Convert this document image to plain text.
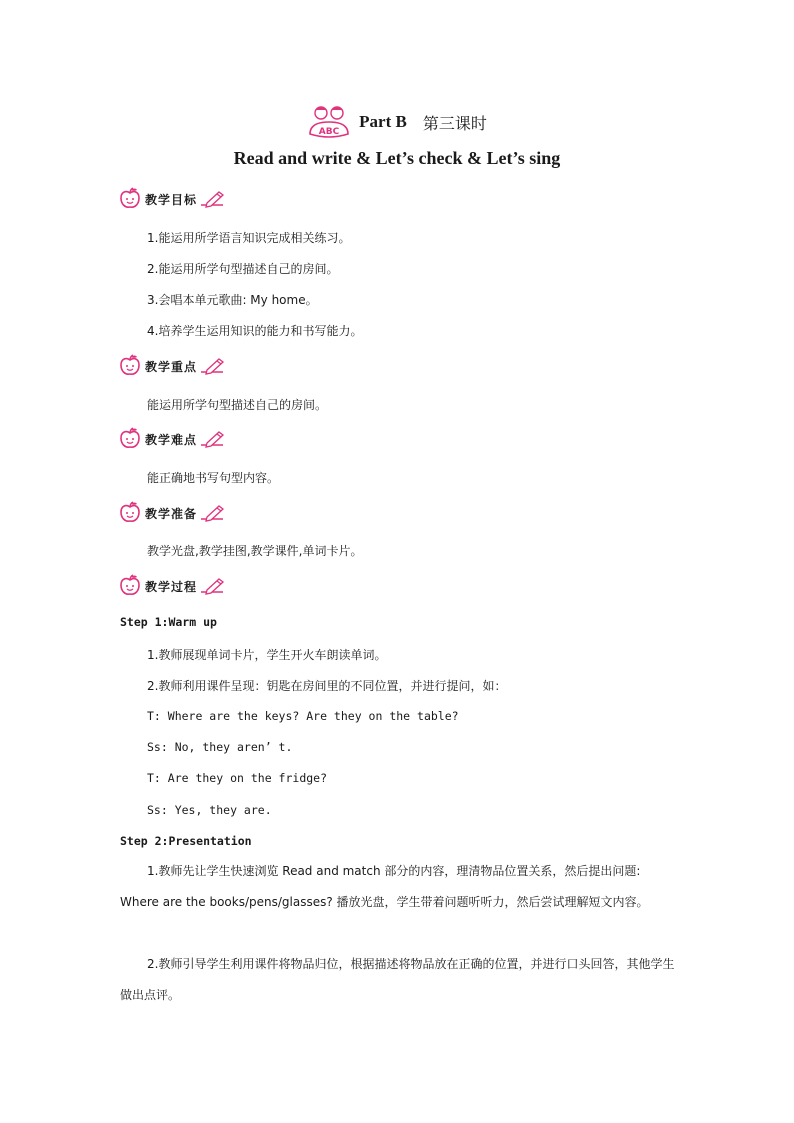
ABC
Part B 第三课时
Read and write & Let’s check & Let’s sing
教学目标
1.能运用所学语言知识完成相关练习。
2.能运用所学句型描述自己的房间。
3.会唱本单元歌曲: My home。
4.培养学生运用知识的能力和书写能力。
教学重点
能运用所学句型描述自己的房间。
教学难点
能正确地书写句型内容。
教学准备
教学光盘,教学挂图,教学课件,单词卡片。
教学过程
Step 1:Warm up
1.教师展现单词卡片，学生开火车朗读单词。
2.教师利用课件呈现：钥匙在房间里的不同位置，并进行提问，如：
T: Where are the keys? Are they on the table?
Ss: No, they aren’ t.
T: Are they on the fridge?
Ss: Yes, they are.
Step 2:Presentation
1.教师先让学生快速浏览 Read and match 部分的内容，理清物品位置关系，然后提出问题: Where are the books/pens/glasses? 播放光盘，学生带着问题听听力，然后尝试理解短文内容。
2.教师引导学生利用课件将物品归位，根据描述将物品放在正确的位置，并进行口头回答，其他学生做出点评。
